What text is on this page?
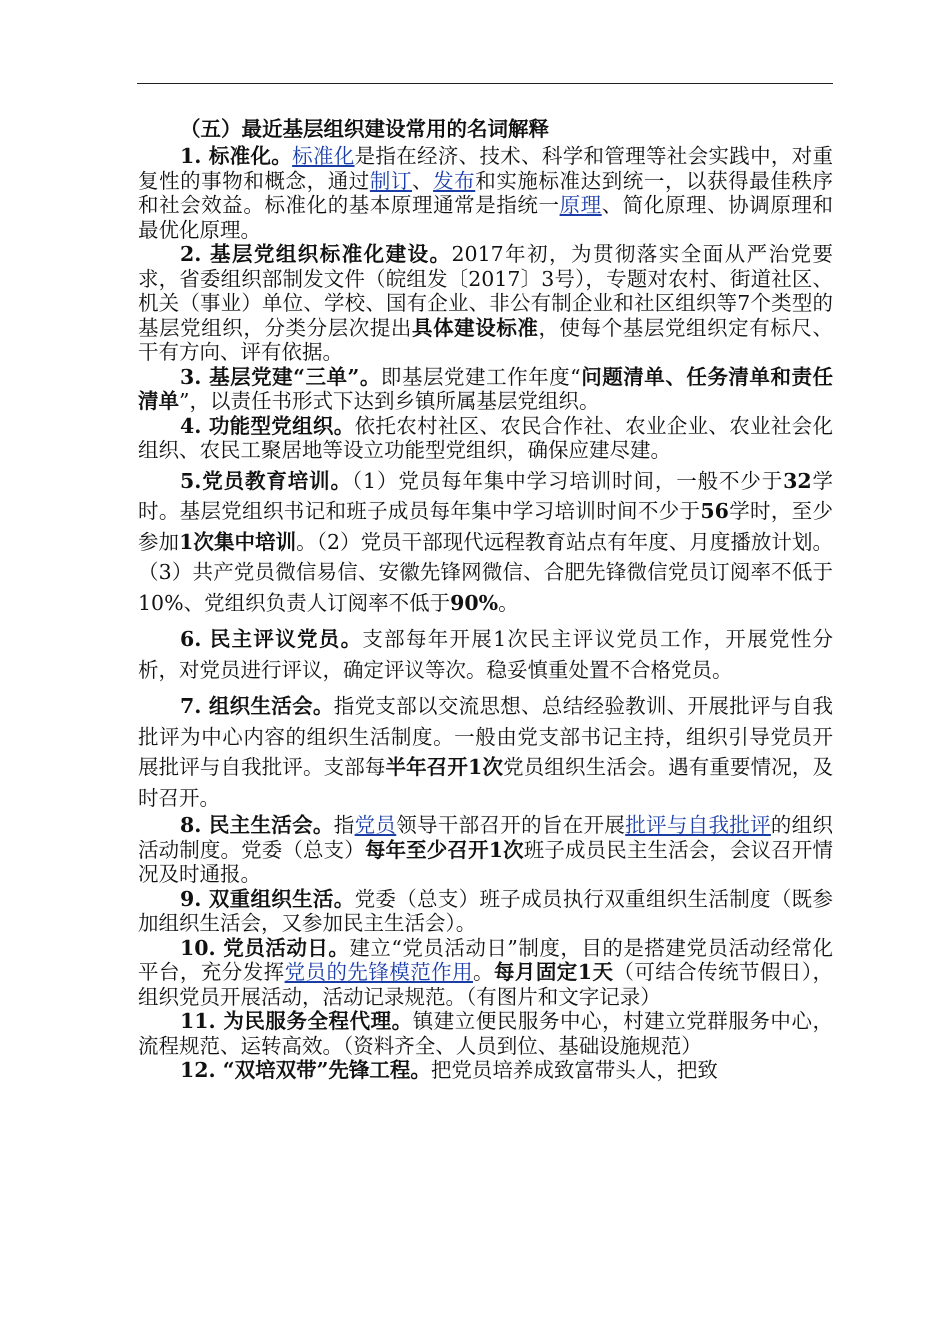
（五）最近基层组织建设常用的名词解释

1. 标准化。标准化是指在经济、技术、科学和管理等社会实践中，对重复性的事物和概念，通过制订、发布和实施标准达到统一，以获得最佳秩序和社会效益。标准化的基本原理通常是指统一原理、简化原理、协调原理和最优化原理。

2. 基层党组织标准化建设。2017年初，为贯彻落实全面从严治党要求，省委组织部制发文件（皖组发〔2017〕3号），专题对农村、街道社区、机关（事业）单位、学校、国有企业、非公有制企业和社区组织等7个类型的基层党组织，分类分层次提出具体建设标准，使每个基层党组织定有标尺、干有方向、评有依据。

3. 基层党建“三单”。即基层党建工作年度“问题清单、任务清单和责任清单”，以责任书形式下达到乡镇所属基层党组织。

4. 功能型党组织。依托农村社区、农民合作社、农业企业、农业社会化组织、农民工聚居地等设立功能型党组织，确保应建尽建。

5.党员教育培训。（1）党员每年集中学习培训时间，一般不少于32学时。基层党组织书记和班子成员每年集中学习培训时间不少于56学时，至少参加1次集中培训。（2）党员干部现代远程教育站点有年度、月度播放计划。（3）共产党员微信易信、安徽先锋网微信、合肥先锋微信党员订阅率不低于10%、党组织负责人订阅率不低于90%。

6. 民主评议党员。支部每年开展1次民主评议党员工作，开展党性分析，对党员进行评议，确定评议等次。稳妥慎重处置不合格党员。

7. 组织生活会。指党支部以交流思想、总结经验教训、开展批评与自我批评为中心内容的组织生活制度。一般由党支部书记主持，组织引导党员开展批评与自我批评。支部每半年召开1次党员组织生活会。遇有重要情况，及时召开。

8. 民主生活会。指党员领导干部召开的旨在开展批评与自我批评的组织活动制度。党委（总支）每年至少召开1次班子成员民主生活会，会议召开情况及时通报。

9. 双重组织生活。党委（总支）班子成员执行双重组织生活制度（既参加组织生活会，又参加民主生活会）。

10. 党员活动日。建立“党员活动日”制度，目的是搭建党员活动经常化平台，充分发挥党员的先锋模范作用。每月固定1天（可结合传统节假日），组织党员开展活动，活动记录规范。（有图片和文字记录）

11. 为民服务全程代理。镇建立便民服务中心，村建立党群服务中心，流程规范、运转高效。（资料齐全、人员到位、基础设施规范）

12. “双培双带”先锋工程。把党员培养成致富带头人，把致
